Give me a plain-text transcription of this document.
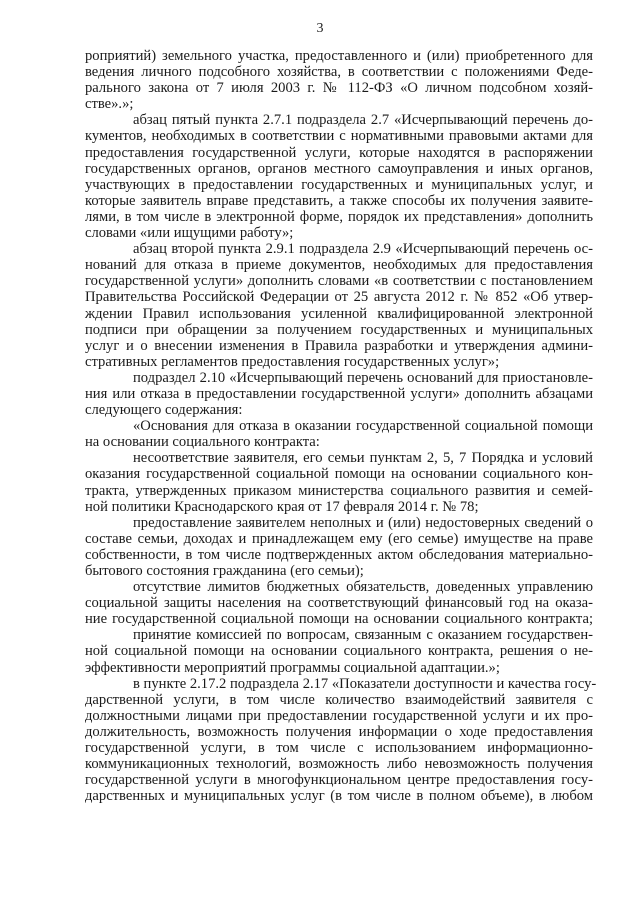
3
роприятий) земельного участка, предоставленного и (или) приобретенного для
ведения личного подсобного хозяйства, в соответствии с положениями Феде-
рального закона от 7 июля 2003 г. № 112-ФЗ «О личном подсобном хозяй-
стве».»;
абзац пятый пункта 2.7.1 подраздела 2.7 «Исчерпывающий перечень до-
кументов, необходимых в соответствии с нормативными правовыми актами для
предоставления государственной услуги, которые находятся в распоряжении
государственных органов, органов местного самоуправления и иных органов,
участвующих в предоставлении государственных и муниципальных услуг, и
которые заявитель вправе представить, а также способы их получения заявите-
лями, в том числе в электронной форме, порядок их представления» дополнить
словами «или ищущими работу»;
абзац второй пункта 2.9.1 подраздела 2.9 «Исчерпывающий перечень ос-
нований для отказа в приеме документов, необходимых для предоставления
государственной услуги» дополнить словами «в соответствии с постановлением
Правительства Российской Федерации от 25 августа 2012 г. № 852 «Об утвер-
ждении Правил использования усиленной квалифицированной электронной
подписи при обращении за получением государственных и муниципальных
услуг и о внесении изменения в Правила разработки и утверждения админи-
стративных регламентов предоставления государственных услуг»;
подраздел 2.10 «Исчерпывающий перечень оснований для приостановле-
ния или отказа в предоставлении государственной услуги» дополнить абзацами
следующего содержания:
«Основания для отказа в оказании государственной социальной помощи
на основании социального контракта:
несоответствие заявителя, его семьи пунктам 2, 5, 7 Порядка и условий
оказания государственной социальной помощи на основании социального кон-
тракта, утвержденных приказом министерства социального развития и семей-
ной политики Краснодарского края от 17 февраля 2014 г. № 78;
предоставление заявителем неполных и (или) недостоверных сведений о
составе семьи, доходах и принадлежащем ему (его семье) имуществе на праве
собственности, в том числе подтвержденных актом обследования материально-
бытового состояния гражданина (его семьи);
отсутствие лимитов бюджетных обязательств, доведенных управлению
социальной защиты населения на соответствующий финансовый год на оказа-
ние государственной социальной помощи на основании социального контракта;
принятие комиссией по вопросам, связанным с оказанием государствен-
ной социальной помощи на основании социального контракта, решения о не-
эффективности мероприятий программы социальной адаптации.»;
в пункте 2.17.2 подраздела 2.17 «Показатели доступности и качества госу-
дарственной услуги, в том числе количество взаимодействий заявителя с
должностными лицами при предоставлении государственной услуги и их про-
должительность, возможность получения информации о ходе предоставления
государственной услуги, в том числе с использованием информационно-
коммуникационных технологий, возможность либо невозможность получения
государственной услуги в многофункциональном центре предоставления госу-
дарственных и муниципальных услуг (в том числе в полном объеме), в любом
